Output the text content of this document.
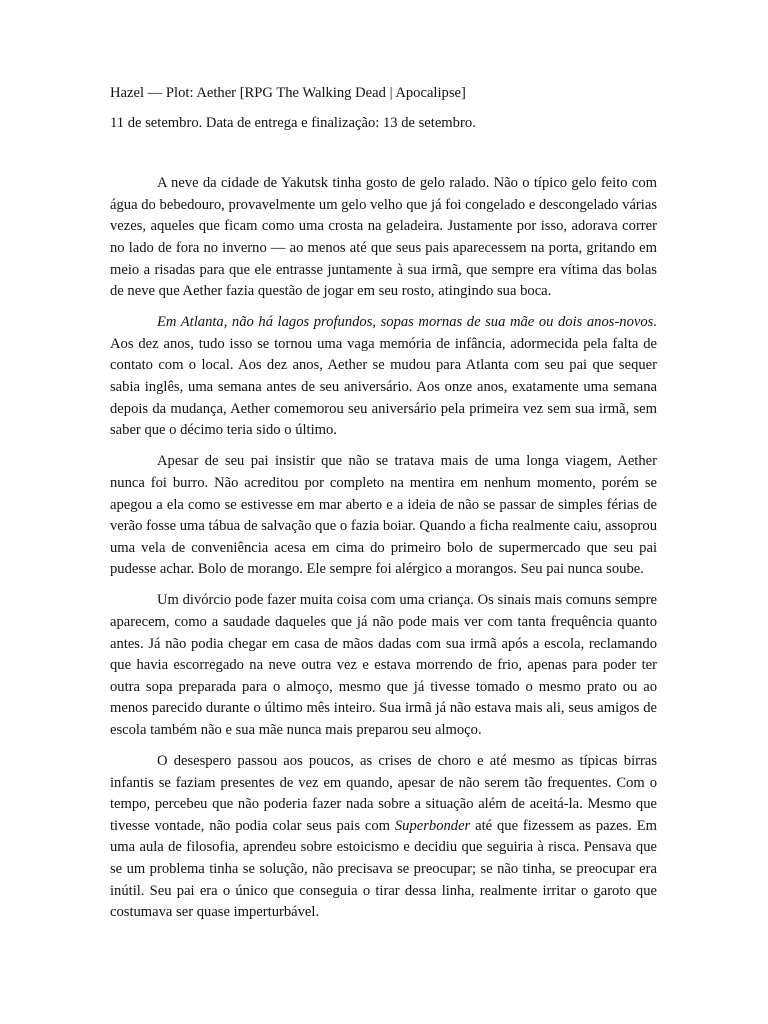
Hazel — Plot: Aether [RPG The Walking Dead | Apocalipse]

11 de setembro. Data de entrega e finalização: 13 de setembro.

A neve da cidade de Yakutsk tinha gosto de gelo ralado. Não o típico gelo feito com água do bebedouro, provavelmente um gelo velho que já foi congelado e descongelado várias vezes, aqueles que ficam como uma crosta na geladeira. Justamente por isso, adorava correr no lado de fora no inverno — ao menos até que seus pais aparecessem na porta, gritando em meio a risadas para que ele entrasse juntamente à sua irmã, que sempre era vítima das bolas de neve que Aether fazia questão de jogar em seu rosto, atingindo sua boca.

Em Atlanta, não há lagos profundos, sopas mornas de sua mãe ou dois anos-novos. Aos dez anos, tudo isso se tornou uma vaga memória de infância, adormecida pela falta de contato com o local. Aos dez anos, Aether se mudou para Atlanta com seu pai que sequer sabia inglês, uma semana antes de seu aniversário. Aos onze anos, exatamente uma semana depois da mudança, Aether comemorou seu aniversário pela primeira vez sem sua irmã, sem saber que o décimo teria sido o último.

Apesar de seu pai insistir que não se tratava mais de uma longa viagem, Aether nunca foi burro. Não acreditou por completo na mentira em nenhum momento, porém se apegou a ela como se estivesse em mar aberto e a ideia de não se passar de simples férias de verão fosse uma tábua de salvação que o fazia boiar. Quando a ficha realmente caiu, assoprou uma vela de conveniência acesa em cima do primeiro bolo de supermercado que seu pai pudesse achar. Bolo de morango. Ele sempre foi alérgico a morangos. Seu pai nunca soube.

Um divórcio pode fazer muita coisa com uma criança. Os sinais mais comuns sempre aparecem, como a saudade daqueles que já não pode mais ver com tanta frequência quanto antes. Já não podia chegar em casa de mãos dadas com sua irmã após a escola, reclamando que havia escorregado na neve outra vez e estava morrendo de frio, apenas para poder ter outra sopa preparada para o almoço, mesmo que já tivesse tomado o mesmo prato ou ao menos parecido durante o último mês inteiro. Sua irmã já não estava mais ali, seus amigos de escola também não e sua mãe nunca mais preparou seu almoço.

O desespero passou aos poucos, as crises de choro e até mesmo as típicas birras infantis se faziam presentes de vez em quando, apesar de não serem tão frequentes. Com o tempo, percebeu que não poderia fazer nada sobre a situação além de aceitá-la. Mesmo que tivesse vontade, não podia colar seus pais com Superbonder até que fizessem as pazes. Em uma aula de filosofia, aprendeu sobre estoicismo e decidiu que seguiria à risca. Pensava que se um problema tinha se solução, não precisava se preocupar; se não tinha, se preocupar era inútil. Seu pai era o único que conseguia o tirar dessa linha, realmente irritar o garoto que costumava ser quase imperturbável.
